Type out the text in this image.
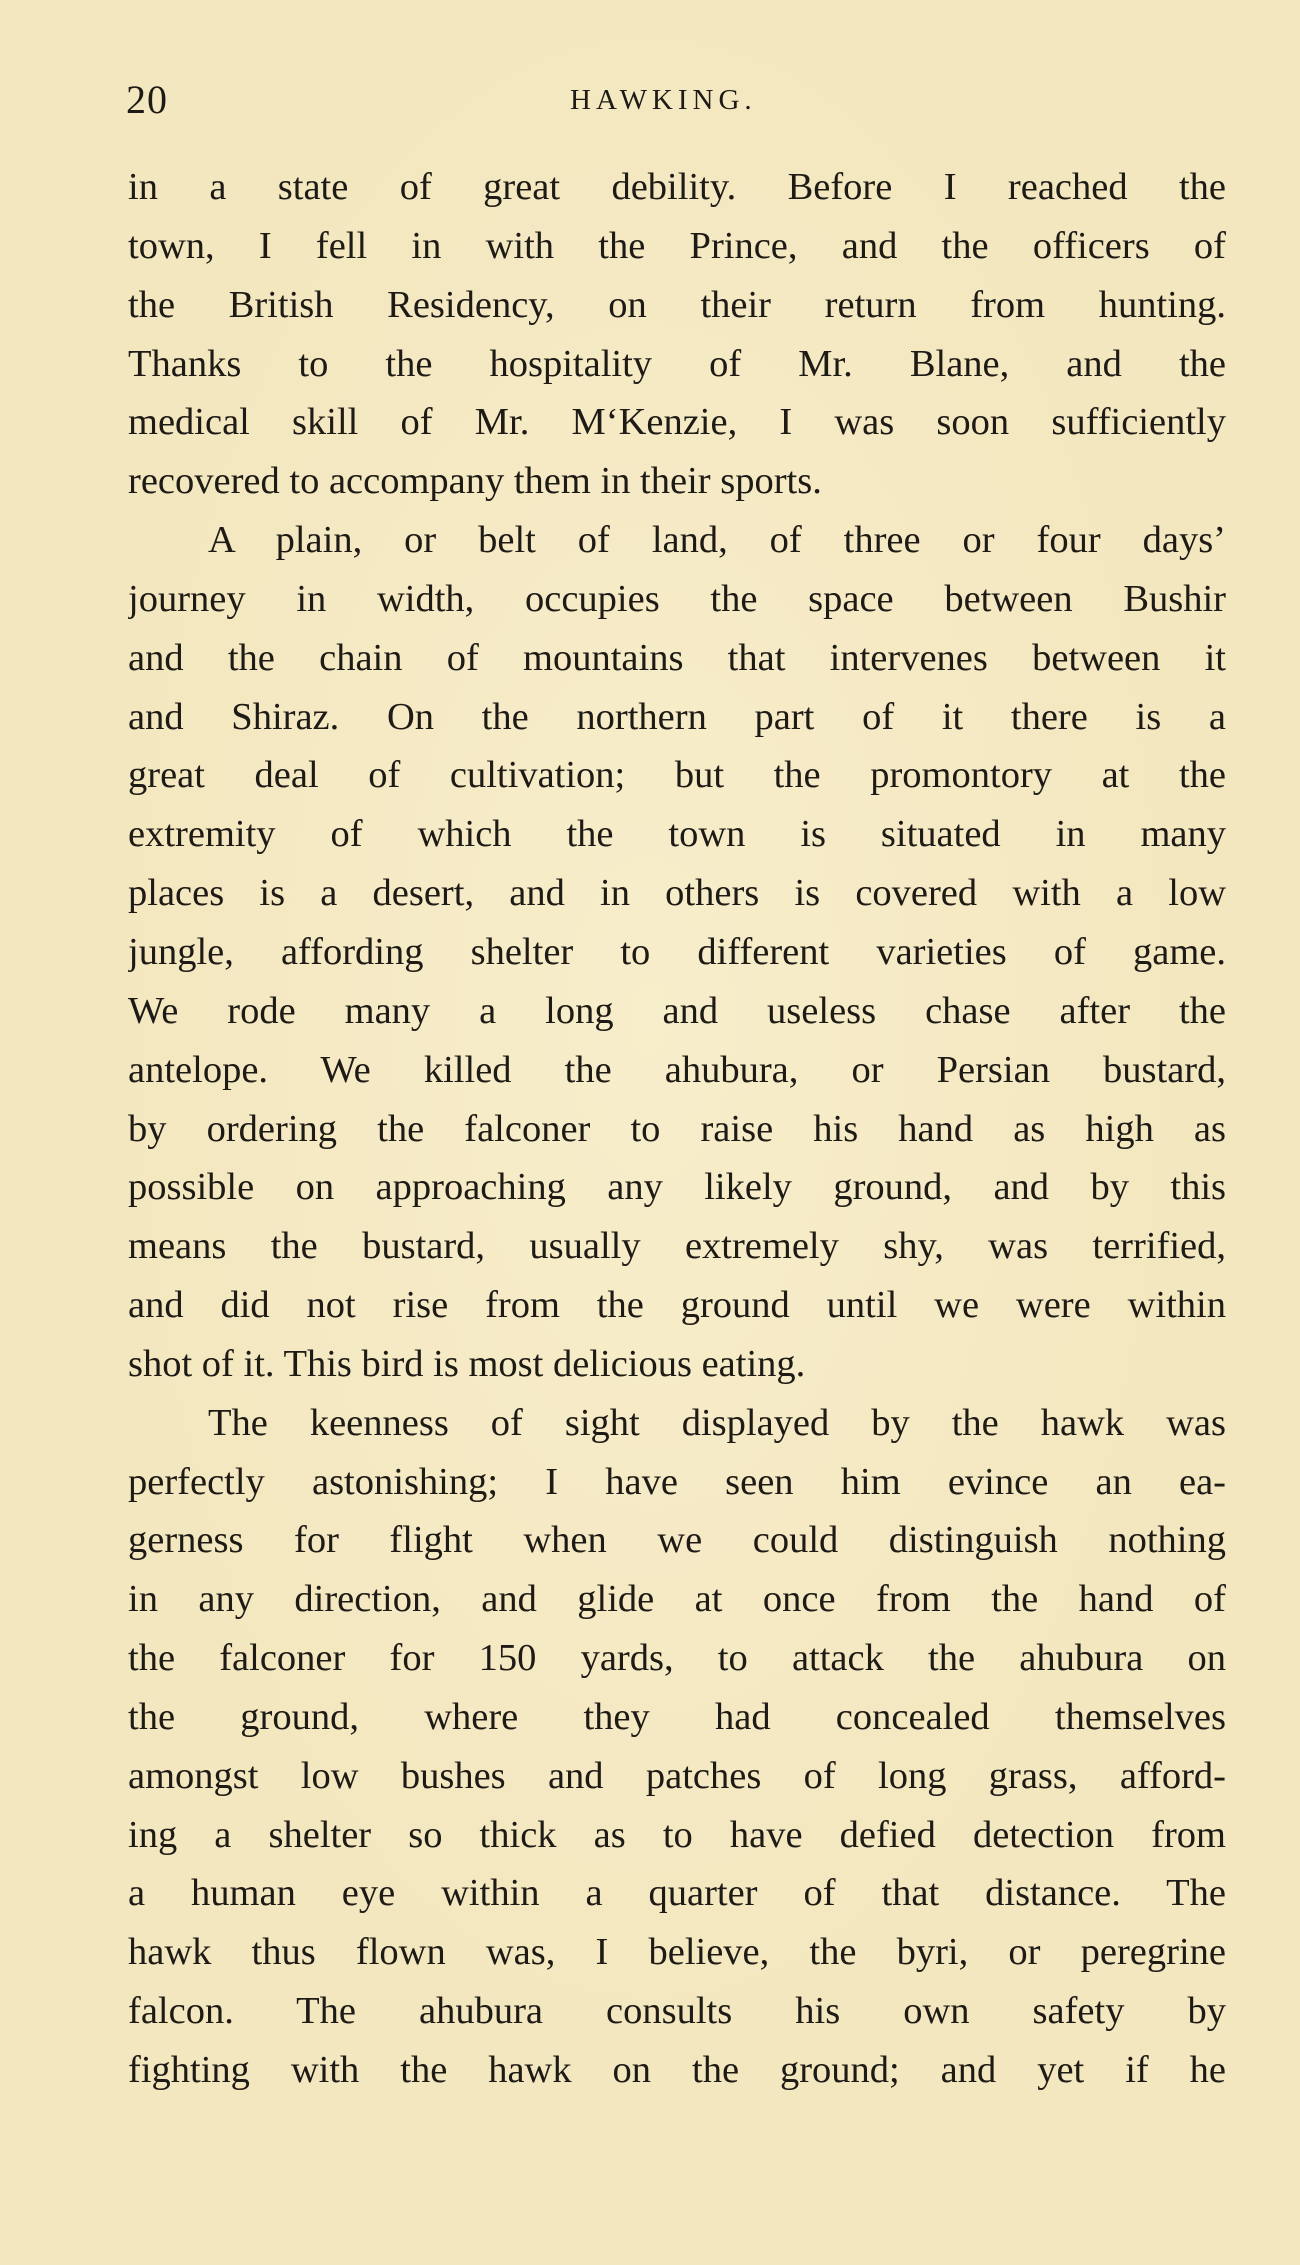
20	HAWKING.
in a state of great debility. Before I reached the
town, I fell in with the Prince, and the officers of
the British Residency, on their return from hunting.
Thanks to the hospitality of Mr. Blane, and the
medical skill of Mr. M‘Kenzie, I was soon sufficiently
recovered to accompany them in their sports.
A plain, or belt of land, of three or four days’
journey in width, occupies the space between Bushir
and the chain of mountains that intervenes between it
and Shiraz. On the northern part of it there is a
great deal of cultivation; but the promontory at the
extremity of which the town is situated in many
places is a desert, and in others is covered with a low
jungle, affording shelter to different varieties of game.
We rode many a long and useless chase after the
antelope. We killed the ahubura, or Persian bustard,
by ordering the falconer to raise his hand as high as
possible on approaching any likely ground, and by this
means the bustard, usually extremely shy, was terrified,
and did not rise from the ground until we were within
shot of it. This bird is most delicious eating.
The keenness of sight displayed by the hawk was
perfectly astonishing; I have seen him evince an ea-
gerness for flight when we could distinguish nothing
in any direction, and glide at once from the hand of
the falconer for 150 yards, to attack the ahubura on
the ground, where they had concealed themselves
amongst low bushes and patches of long grass, afford-
ing a shelter so thick as to have defied detection from
a human eye within a quarter of that distance. The
hawk thus flown was, I believe, the byri, or peregrine
falcon. The ahubura consults his own safety by
fighting with the hawk on the ground; and yet if he
